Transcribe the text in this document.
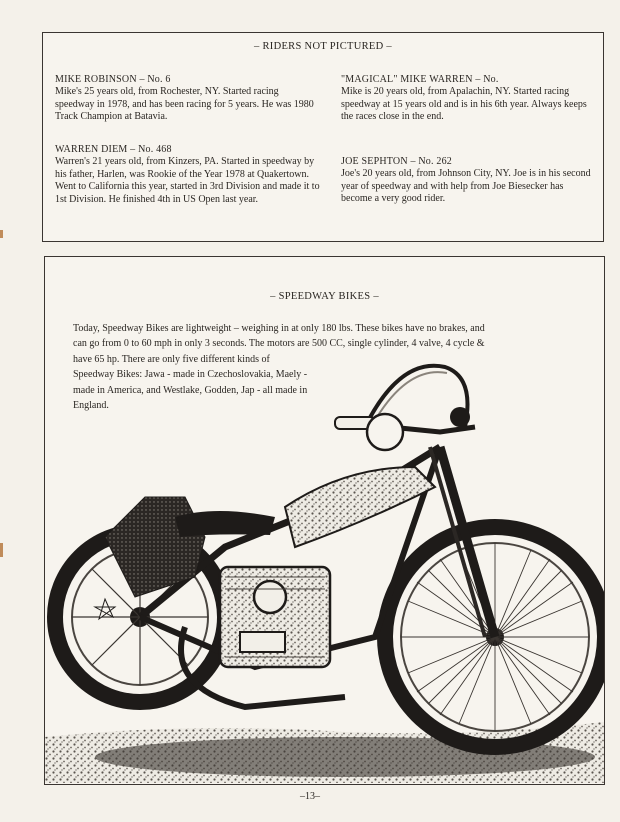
– RIDERS NOT PICTURED –
MIKE ROBINSON – No. 6
Mike's 25 years old, from Rochester, NY. Started racing speedway in 1978, and has been racing for 5 years. He was 1980 Track Champion at Batavia.
WARREN DIEM – No. 468
Warren's 21 years old, from Kinzers, PA. Started in speedway by his father, Harlen, was Rookie of the Year 1978 at Quakertown. Went to California this year, started in 3rd Division and made it to 1st Division. He finished 4th in US Open last year.
"MAGICAL" MIKE WARREN – No.
Mike is 20 years old, from Apalachin, NY. Started racing speedway at 15 years old and is in his 6th year. Always keeps the races close in the end.
JOE SEPHTON – No. 262
Joe's 20 years old, from Johnson City, NY. Joe is in his second year of speedway and with help from Joe Biesecker has become a very good rider.
– SPEEDWAY BIKES –
Today, Speedway Bikes are lightweight – weighing in at only 180 lbs. These bikes have no brakes, and
can go from 0 to 60 mph in only 3 seconds. The motors are 500 CC, single cylinder, 4 valve, 4 cycle &
have 65 hp. There are only five different kinds of
Speedway Bikes: Jawa - made in Czechoslovakia, Maely - made in America, and Westlake, Godden, Jap - all made in England.
–13–
